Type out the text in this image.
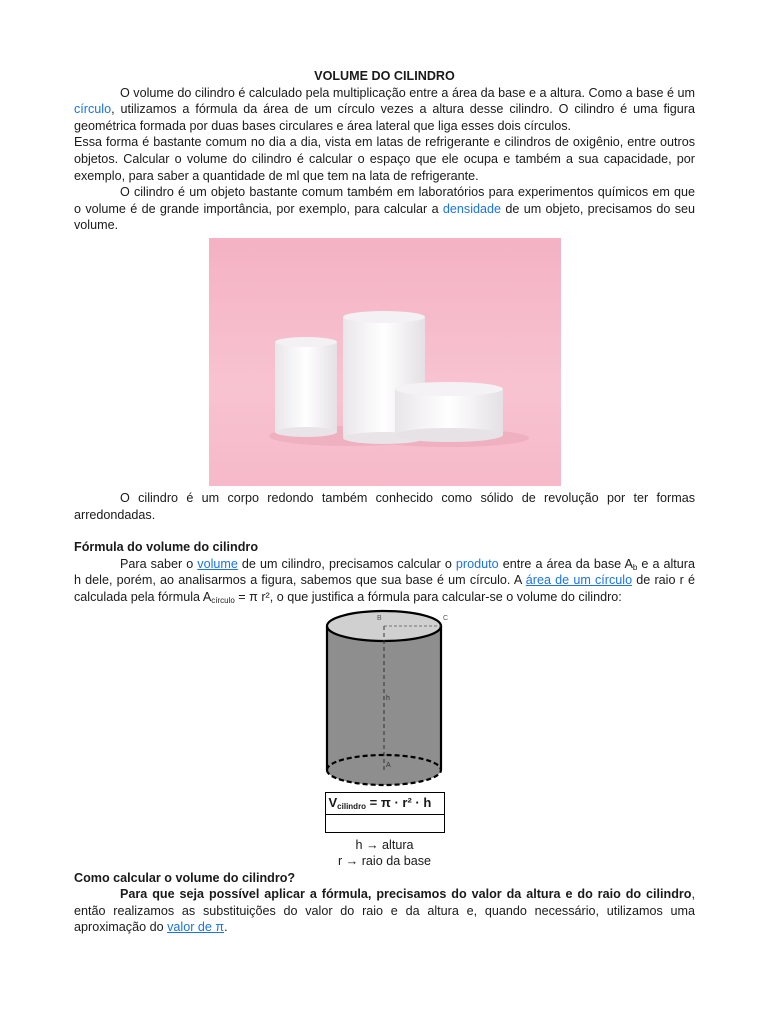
VOLUME DO CILINDRO

O volume do cilindro é calculado pela multiplicação entre a área da base e a altura. Como a base é um círculo, utilizamos a fórmula da área de um círculo vezes a altura desse cilindro. O cilindro é uma figura geométrica formada por duas bases circulares e área lateral que liga esses dois círculos.

Essa forma é bastante comum no dia a dia, vista em latas de refrigerante e cilindros de oxigênio, entre outros objetos. Calcular o volume do cilindro é calcular o espaço que ele ocupa e também a sua capacidade, por exemplo, para saber a quantidade de ml que tem na lata de refrigerante.

O cilindro é um objeto bastante comum também em laboratórios para experimentos químicos em que o volume é de grande importância, por exemplo, para calcular a densidade de um objeto, precisamos do seu volume.

O cilindro é um corpo redondo também conhecido como sólido de revolução por ter formas arredondadas.

Fórmula do volume do cilindro

Para saber o volume de um cilindro, precisamos calcular o produto entre a área da base $A_b$ e a altura h dele, porém, ao analisarmos a figura, sabemos que sua base é um círculo. A área de um círculo de raio r é calculada pela fórmula $A_{círculo} = \pi$ r², o que justifica a fórmula para calcular-se o volume do cilindro:

B	C
h
A
$V_{cilindro} = \pi \cdot r^2 \cdot h$
h → altura
r → raio da base

Como calcular o volume do cilindro?

Para que seja possível aplicar a fórmula, precisamos do valor da altura e do raio do cilindro, então realizamos as substituições do valor do raio e da altura e, quando necessário, utilizamos uma aproximação do valor de π.
